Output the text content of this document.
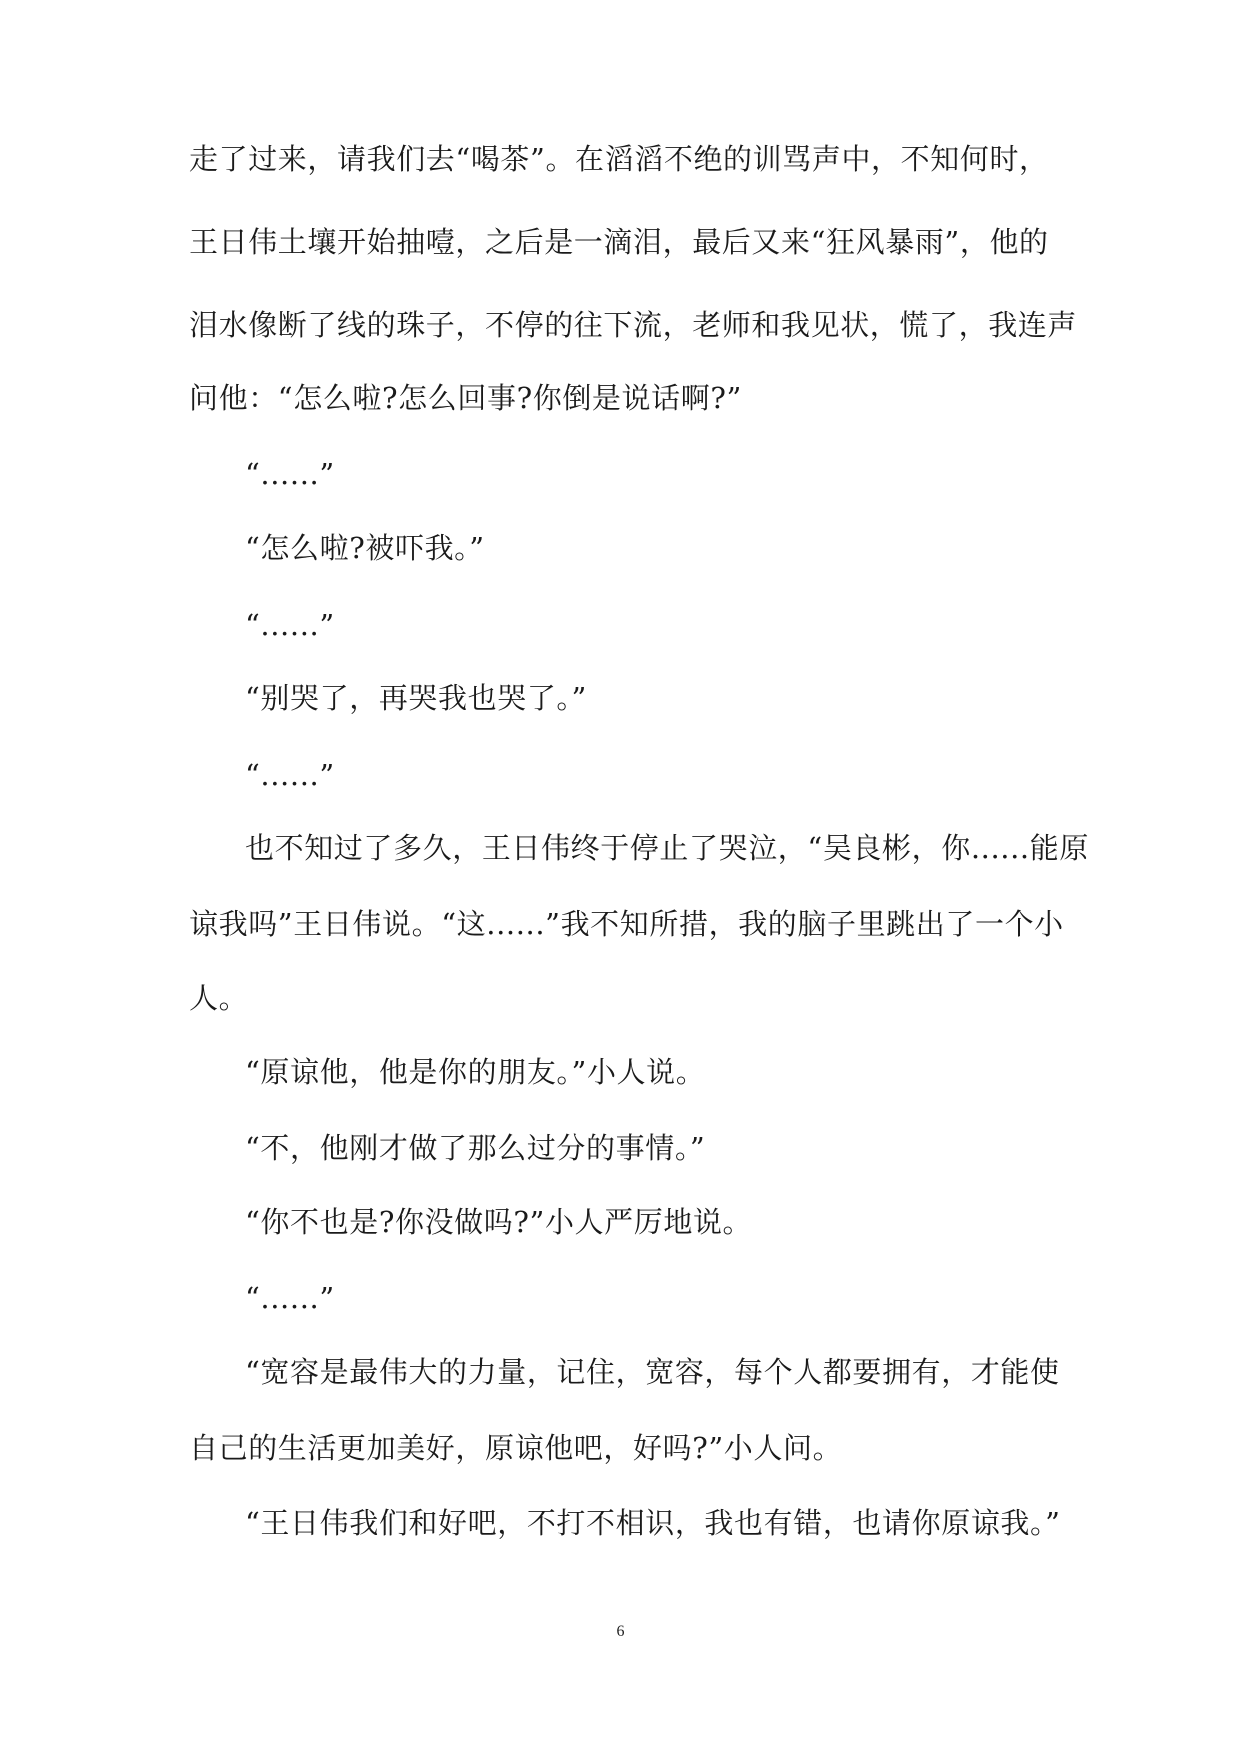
走了过来，请我们去“喝茶”。在滔滔不绝的训骂声中，不知何时，
王日伟土壤开始抽噎，之后是一滴泪，最后又来“狂风暴雨”，他的
泪水像断了线的珠子，不停的往下流，老师和我见状，慌了，我连声
问他：“怎么啦?怎么回事?你倒是说话啊?”
“......”
“怎么啦?被吓我。”
“......”
“别哭了，再哭我也哭了。”
“......”
也不知过了多久，王日伟终于停止了哭泣，“吴良彬，你......能原
谅我吗”王日伟说。“这......”我不知所措，我的脑子里跳出了一个小
人。
“原谅他，他是你的朋友。”小人说。
“不，他刚才做了那么过分的事情。”
“你不也是?你没做吗?”小人严厉地说。
“......”
“宽容是最伟大的力量，记住，宽容，每个人都要拥有，才能使
自己的生活更加美好，原谅他吧，好吗?”小人问。
“王日伟我们和好吧，不打不相识，我也有错，也请你原谅我。”
6
